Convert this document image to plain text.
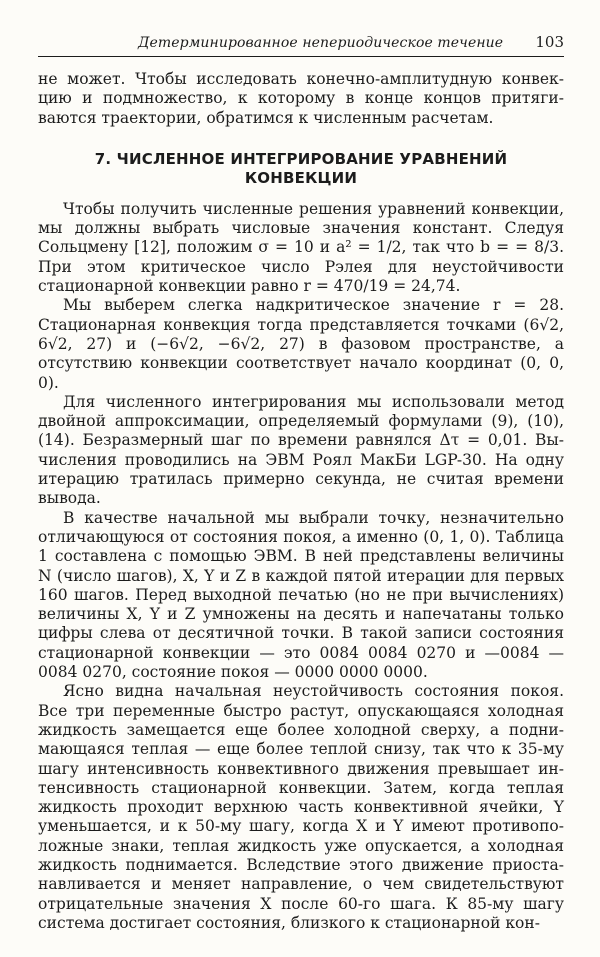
Детерминированное непериодическое течение 103

не может. Чтобы исследовать конечно-амплитудную конвекцию и подмножество, к которому в конце концов притягиваются траектории, обратимся к численным расчетам.

7. ЧИСЛЕННОЕ ИНТЕГРИРОВАНИЕ УРАВНЕНИЙ
КОНВЕКЦИИ

Чтобы получить численные решения уравнений конвекции, мы должны выбрать числовые значения констант. Следуя Сольцмену [12], положим σ = 10 и a² = 1/2, так что b = = 8/3. При этом критическое число Рэлея для неустойчивости стационарной конвекции равно r = 470/19 = 24,74.

Мы выберем слегка надкритическое значение r = 28. Стационарная конвекция тогда представляется точками (6√2, 6√2, 27) и (−6√2, −6√2, 27) в фазовом пространстве, а отсутствию конвекции соответствует начало координат (0, 0, 0).

Для численного интегрирования мы использовали метод двойной аппроксимации, определяемый формулами (9), (10), (14). Безразмерный шаг по времени равнялся Δτ = 0,01. Вычисления проводились на ЭВМ Роял МакБи LGP-30. На одну итерацию тратилась примерно секунда, не считая времени вывода.

В качестве начальной мы выбрали точку, незначительно отличающуюся от состояния покоя, а именно (0, 1, 0). Таблица 1 составлена с помощью ЭВМ. В ней представлены величины N (число шагов), X, Y и Z в каждой пятой итерации для первых 160 шагов. Перед выходной печатью (но не при вычислениях) величины X, Y и Z умножены на десять и напечатаны только цифры слева от десятичной точки. В такой записи состояния стационарной конвекции — это 0084 0084 0270 и —0084 —0084 0270, состояние покоя — 0000 0000 0000.

Ясно видна начальная неустойчивость состояния покоя. Все три переменные быстро растут, опускающаяся холодная жидкость замещается еще более холодной сверху, а поднимающаяся теплая — еще более теплой снизу, так что к 35-му шагу интенсивность конвективного движения превышает интенсивность стационарной конвекции. Затем, когда теплая жидкость проходит верхнюю часть конвективной ячейки, Y уменьшается, и к 50-му шагу, когда X и Y имеют противоположные знаки, теплая жидкость уже опускается, а холодная жидкость поднимается. Вследствие этого движение приостанавливается и меняет направление, о чем свидетельствуют отрицательные значения X после 60-го шага. К 85-му шагу система достигает состояния, близкого к стационарной кон-
